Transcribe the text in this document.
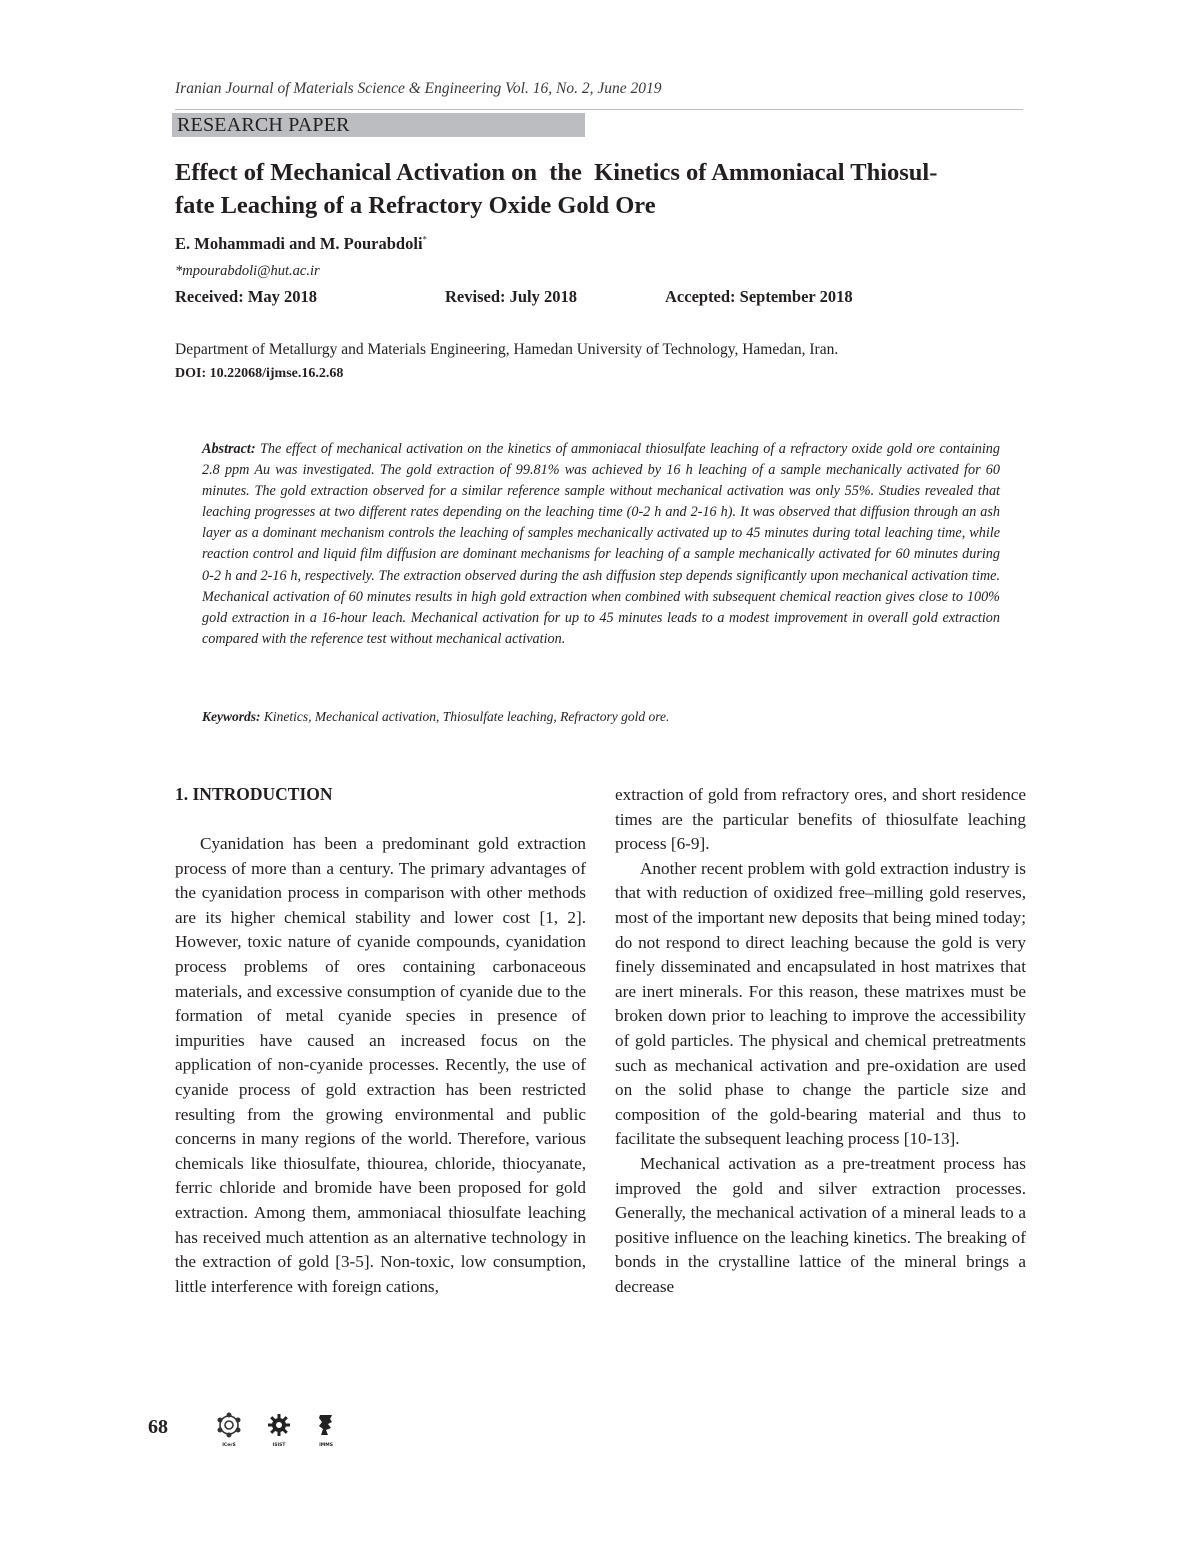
Iranian Journal of Materials Science & Engineering Vol. 16, No. 2, June 2019
RESEARCH PAPER
Effect of Mechanical Activation on  the  Kinetics of Ammoniacal Thiosul-
fate Leaching of a Refractory Oxide Gold Ore
E. Mohammadi and M. Pourabdoli*
*mpourabdoli@hut.ac.ir
Received: May 2018	Revised: July 2018	Accepted: September 2018
Department of Metallurgy and Materials Engineering, Hamedan University of Technology, Hamedan, Iran.
DOI: 10.22068/ijmse.16.2.68

Abstract: The effect of mechanical activation on the kinetics of ammoniacal thiosulfate leaching of a refractory oxide gold ore containing 2.8 ppm Au was investigated. The gold extraction of 99.81% was achieved by 16 h leaching of a sample mechanically activated for 60 minutes. The gold extraction observed for a similar reference sample without mechanical activation was only 55%. Studies revealed that leaching progresses at two different rates depending on the leaching time (0-2 h and 2-16 h). It was observed that diffusion through an ash layer as a dominant mechanism controls the leaching of samples mechanically activated up to 45 minutes during total leaching time, while reaction control and liquid film diffusion are dominant mechanisms for leaching of a sample mechanically activated for 60 minutes during 0-2 h and 2-16 h, respectively. The extraction observed during the ash diffusion step depends significantly upon mechanical activation time. Mechanical activation of 60 minutes results in high gold extraction when combined with subsequent chemical reaction gives close to 100% gold extraction in a 16-hour leach. Mechanical activation for up to 45 minutes leads to a modest improvement in overall gold extraction compared with the reference test without mechanical activation.

Keywords: Kinetics, Mechanical activation, Thiosulfate leaching, Refractory gold ore.

1. INTRODUCTION

Cyanidation has been a predominant gold extraction process of more than a century. The primary advantages of the cyanidation process in comparison with other methods are its higher chemical stability and lower cost [1, 2]. However, toxic nature of cyanide compounds, cyanidation process problems of ores containing carbonaceous materials, and excessive consumption of cyanide due to the formation of metal cyanide species in presence of impurities have caused an increased focus on the application of non-cyanide processes. Recently, the use of cyanide process of gold extraction has been restricted resulting from the growing environmental and public concerns in many regions of the world. Therefore, various chemicals like thiosulfate, thiourea, chloride, thiocyanate, ferric chloride and bromide have been proposed for gold extraction. Among them, ammoniacal thiosulfate leaching has received much attention as an alternative technology in the extraction of gold [3-5]. Non-toxic, low consumption, little interference with foreign cations,

extraction of gold from refractory ores, and short residence times are the particular benefits of thiosulfate leaching process [6-9].

Another recent problem with gold extraction industry is that with reduction of oxidized free–milling gold reserves, most of the important new deposits that being mined today; do not respond to direct leaching because the gold is very finely disseminated and encapsulated in host matrixes that are inert minerals. For this reason, these matrixes must be broken down prior to leaching to improve the accessibility of gold particles. The physical and chemical pretreatments such as mechanical activation and pre-oxidation are used on the solid phase to change the particle size and composition of the gold-bearing material and thus to facilitate the subsequent leaching process [10-13].

Mechanical activation as a pre-treatment process has improved the gold and silver extraction processes. Generally, the mechanical activation of a mineral leads to a positive influence on the leaching kinetics. The breaking of bonds in the crystalline lattice of the mineral brings a decrease

68
ICerS	ISIST	IMMS
